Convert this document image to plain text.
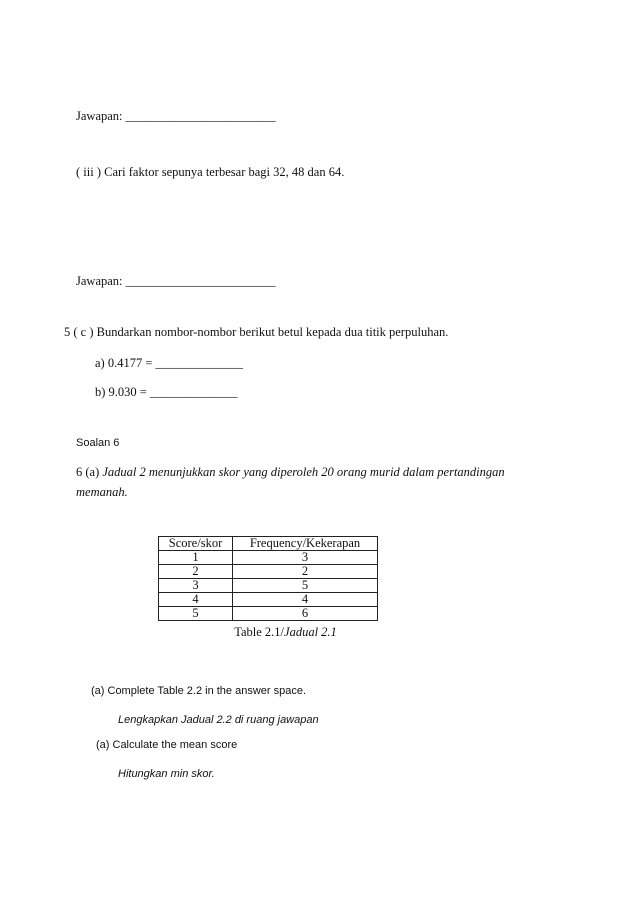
Jawapan: ________________________
( iii ) Cari faktor sepunya terbesar bagi 32, 48 dan 64.
Jawapan: ________________________
5 ( c ) Bundarkan nombor-nombor berikut betul kepada dua titik perpuluhan.
a) 0.4177 = ______________
b) 9.030 = ______________
Soalan 6
6 (a) Jadual 2 menunjukkan skor yang diperoleh 20 orang murid dalam pertandingan memanah.
Score/skor	Frequency/Kekerapan
1	3
2	2
3	5
4	4
5	6
Table 2.1/Jadual 2.1
(a) Complete Table 2.2 in the answer space.
Lengkapkan Jadual 2.2 di ruang jawapan
(a) Calculate the mean score
Hitungkan min skor.
